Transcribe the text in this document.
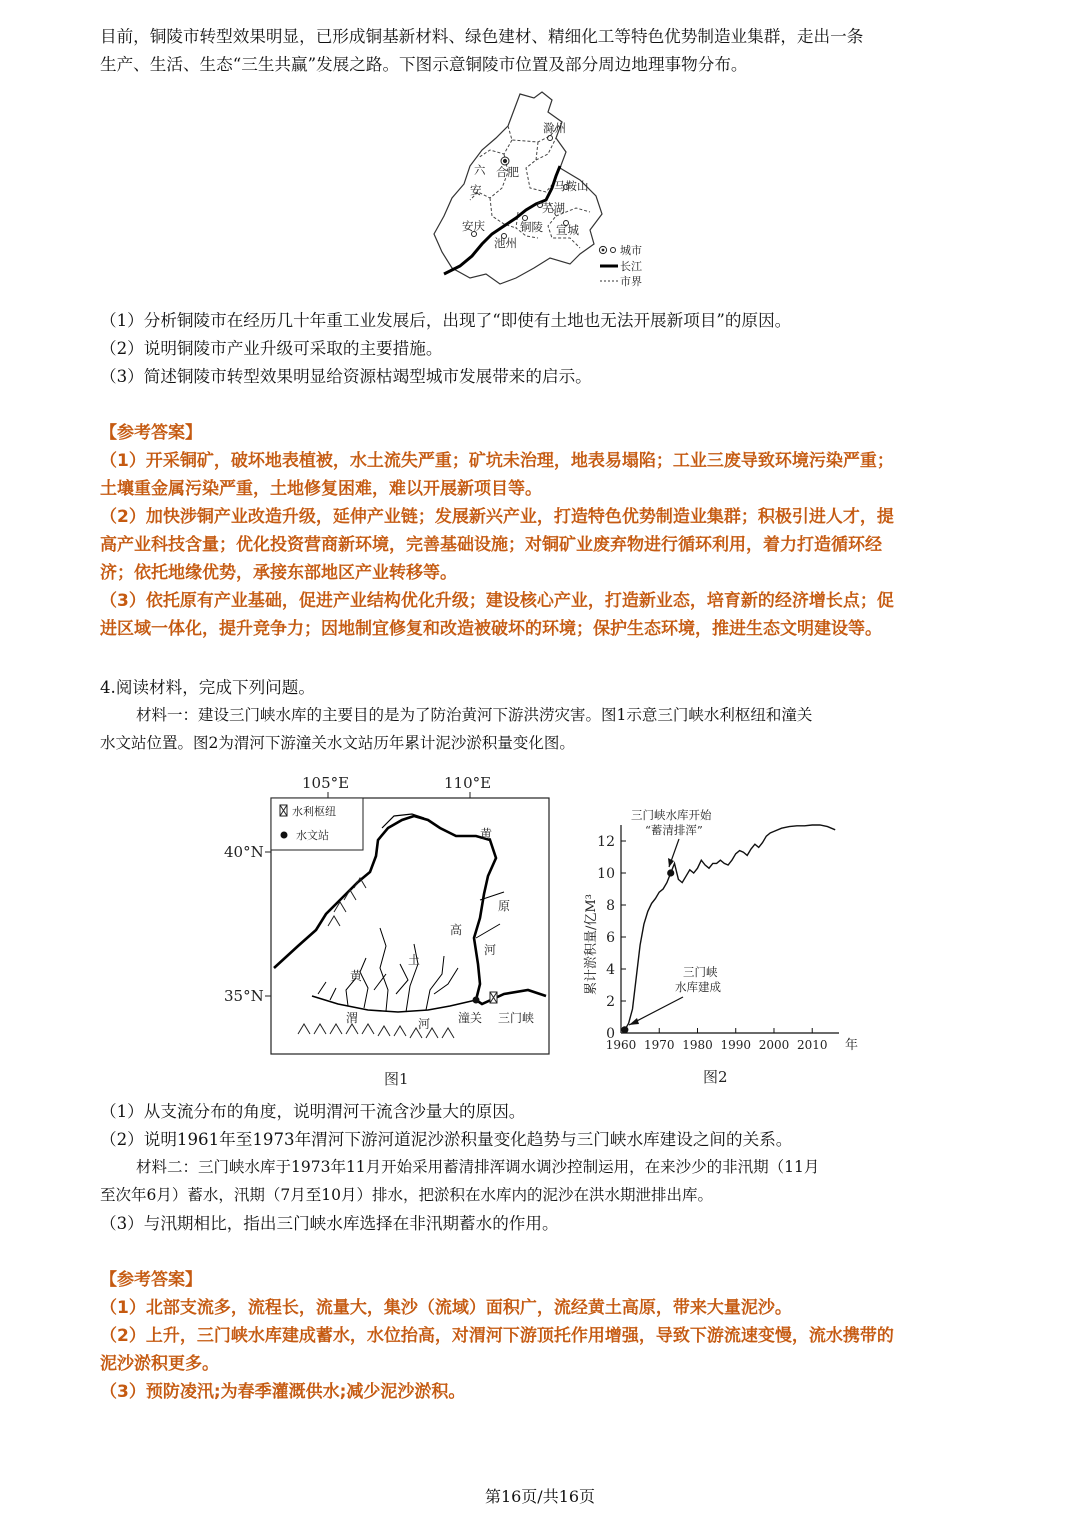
目前，铜陵市转型效果明显，已形成铜基新材料、绿色建材、精细化工等特色优势制造业集群，走出一条
生产、生活、生态“三生共赢”发展之路。下图示意铜陵市位置及部分周边地理事物分布。
滁州
合肥
马鞍山
六
安
芜湖
铜陵 宣城
安庆
池州
城市
长江
市界
（1）分析铜陵市在经历几十年重工业发展后，出现了“即使有土地也无法开展新项目”的原因。
（2）说明铜陵市产业升级可采取的主要措施。
（3）简述铜陵市转型效果明显给资源枯竭型城市发展带来的启示。
【参考答案】
（1）开采铜矿，破坏地表植被，水土流失严重；矿坑未治理，地表易塌陷；工业三废导致环境污染严重；
土壤重金属污染严重，土地修复困难，难以开展新项目等。
（2）加快涉铜产业改造升级，延伸产业链；发展新兴产业，打造特色优势制造业集群；积极引进人才，提
高产业科技含量；优化投资营商新环境，完善基础设施；对铜矿业废弃物进行循环利用，着力打造循环经
济；依托地缘优势，承接东部地区产业转移等。
（3）依托原有产业基础，促进产业结构优化升级；建设核心产业，打造新业态，培育新的经济增长点；促
进区域一体化，提升竞争力；因地制宜修复和改造被破坏的环境；保护生态环境，推进生态文明建设等。
4.阅读材料，完成下列问题。
材料一：建设三门峡水库的主要目的是为了防治黄河下游洪涝灾害。图1示意三门峡水利枢纽和潼关
水文站位置。图2为渭河下游潼关水文站历年累计泥沙淤积量变化图。
105°E	110°E
40°N
35°N
水利枢纽
水文站	黄
高
原
河
黄
土
渭	河 潼关 三门峡
图1
累计淤积量/亿M³
0
2
4
6
8
10
12
1960 1970 1980 1990 2000 2010 年
三门峡水库开始
“蓄清排浑”
三门峡
水库建成
图2
（1）从支流分布的角度，说明渭河干流含沙量大的原因。
（2）说明1961年至1973年渭河下游河道泥沙淤积量变化趋势与三门峡水库建设之间的关系。
材料二：三门峡水库于1973年11月开始采用蓄清排浑调水调沙控制运用，在来沙少的非汛期（11月
至次年6月）蓄水，汛期（7月至10月）排水，把淤积在水库内的泥沙在洪水期泄排出库。
（3）与汛期相比，指出三门峡水库选择在非汛期蓄水的作用。
【参考答案】
（1）北部支流多，流程长，流量大，集沙（流域）面积广，流经黄土高原，带来大量泥沙。
（2）上升，三门峡水库建成蓄水，水位抬高，对渭河下游顶托作用增强，导致下游流速变慢，流水携带的
泥沙淤积更多。
（3）预防凌汛;为春季灌溉供水;减少泥沙淤积。
第16页/共16页
